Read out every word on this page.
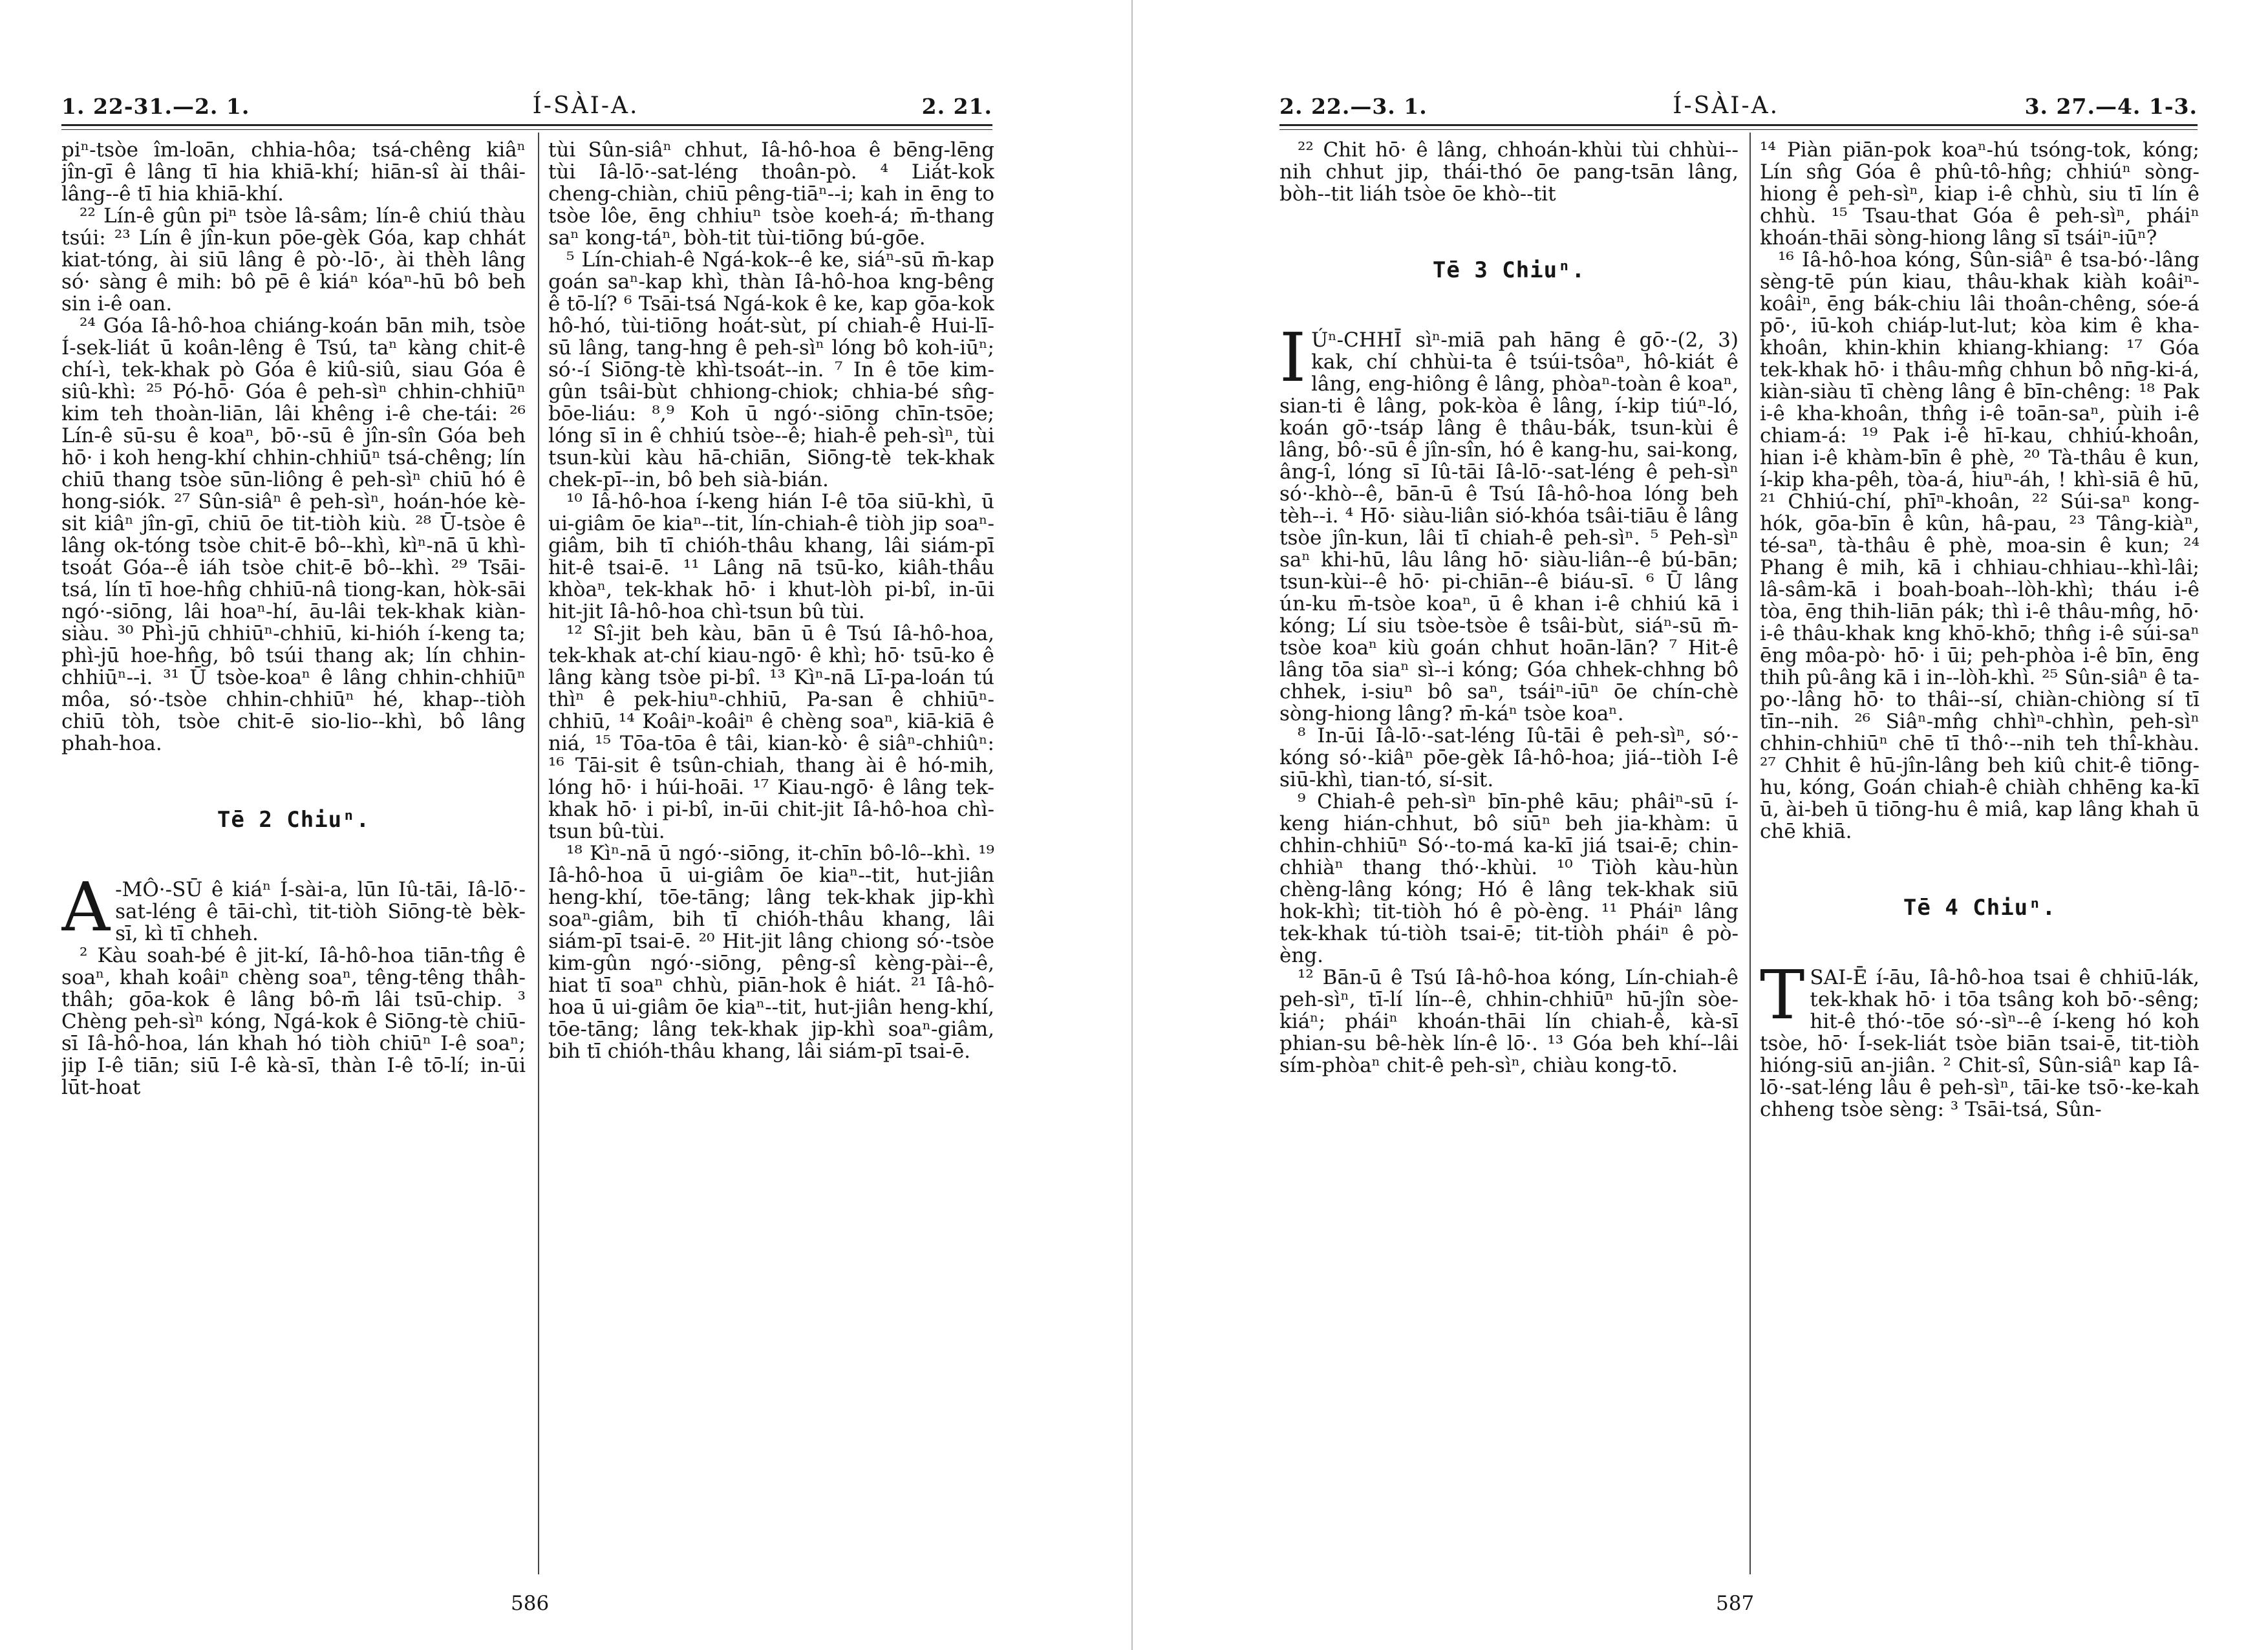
1. 22-31.—2. 1.	Í-SÀI-A.	2. 21.

piⁿ-tsòe îm-loān, chhia-hôa; tsá-chêng kiâⁿ jîn-gī ê lâng tī hia khiā-khí; hiān-sî ài thâi-lâng--ê tī hia khiā-khí.

²² Lín-ê gûn piⁿ tsòe lâ-sâm; lín-ê chiú thàu tsúi: ²³ Lín ê jîn-kun pōe-gèk Góa, kap chhát kiat-tóng, ài siū lâng ê pò·-lō·, ài thèh lâng só· sàng ê mih: bô pē ê kiáⁿ kóaⁿ-hū bô beh sin i-ê oan.

²⁴ Góa Iâ-hô-hoa chiáng-koán bān mih, tsòe Í-sek-liát ū koân-lêng ê Tsú, taⁿ kàng chit-ê chí-ì, tek-khak pò Góa ê kiû-siû, siau Góa ê siû-khì: ²⁵ Pó-hō· Góa ê peh-sìⁿ chhin-chhiūⁿ kim teh thoàn-liān, lâi khêng i-ê che-tái: ²⁶ Lín-ê sū-su ê koaⁿ, bō·-sū ê jîn-sîn Góa beh hō· i koh heng-khí chhin-chhiūⁿ tsá-chêng; lín chiū thang tsòe sūn-liông ê peh-sìⁿ chiū hó ê hong-siók. ²⁷ Sûn-siâⁿ ê peh-sìⁿ, hoán-hóe kè-sit kiâⁿ jîn-gī, chiū ōe tit-tiòh kiù. ²⁸ Ū-tsòe ê lâng ok-tóng tsòe chit-ē bô--khì, kìⁿ-nā ū khì-tsoát Góa--ê iáh tsòe chit-ē bô--khì. ²⁹ Tsāi-tsá, lín tī hoe-hn̂g chhiū-nâ tiong-kan, hòk-sāi ngó·-siōng, lâi hoaⁿ-hí, āu-lâi tek-khak kiàn-siàu. ³⁰ Phì-jū chhiūⁿ-chhiū, ki-hióh í-keng ta; phì-jū hoe-hn̂g, bô tsúi thang ak; lín chhin-chhiūⁿ--i. ³¹ Ū tsòe-koaⁿ ê lâng chhin-chhiūⁿ môa, só·-tsòe chhin-chhiūⁿ hé, khap--tiòh chiū tòh, tsòe chit-ē sio-lio--khì, bô lâng phah-hoa.

Tē 2 Chiuⁿ.

A -MÔ·-SŪ ê kiáⁿ Í-sài-a, lūn Iû-tāi, Iâ-lō·-sat-léng ê tāi-chì, tit-tiòh Siōng-tè bèk-sī, kì tī chheh.

² Kàu soah-bé ê jit-kí, Iâ-hô-hoa tiān-tn̂g ê soaⁿ, khah koâiⁿ chèng soaⁿ, têng-têng thâh-thâh; gōa-kok ê lâng bô-m̄ lâi tsū-chip. ³ Chèng peh-sìⁿ kóng, Ngá-kok ê Siōng-tè chiū-sī Iâ-hô-hoa, lán khah hó tiòh chiūⁿ I-ê soaⁿ; jip I-ê tiān; siū I-ê kà-sī, thàn I-ê tō-lí; in-ūi lūt-hoat

tùi Sûn-siâⁿ chhut, Iâ-hô-hoa ê bēng-lēng tùi Iâ-lō·-sat-léng thoân-pò. ⁴ Liát-kok cheng-chiàn, chiū pêng-tiāⁿ--i; kah in ēng to tsòe lôe, ēng chhiuⁿ tsòe koeh-á; m̄-thang saⁿ kong-táⁿ, bòh-tit tùi-tiōng bú-gōe.

⁵ Lín-chiah-ê Ngá-kok--ê ke, siáⁿ-sū m̄-kap goán saⁿ-kap khì, thàn Iâ-hô-hoa kng-bêng ê tō-lí? ⁶ Tsāi-tsá Ngá-kok ê ke, kap gōa-kok hô-hó, tùi-tiōng hoát-sùt, pí chiah-ê Hui-lī-sū lâng, tang-hng ê peh-sìⁿ lóng bô koh-iūⁿ; só·-í Siōng-tè khì-tsoát--in. ⁷ In ê tōe kim-gûn tsâi-bùt chhiong-chiok; chhia-bé sn̂g-bōe-liáu: ⁸,⁹ Koh ū ngó·-siōng chīn-tsōe; lóng sī in ê chhiú tsòe--ê; hiah-ê peh-sìⁿ, tùi tsun-kùi kàu hā-chiān, Siōng-tè tek-khak chek-pī--in, bô beh sià-bián.

¹⁰ Iâ-hô-hoa í-keng hián I-ê tōa siū-khì, ū ui-giâm ōe kiaⁿ--tit, lín-chiah-ê tiòh jip soaⁿ-giâm, bih tī chióh-thâu khang, lâi siám-pī hit-ê tsai-ē. ¹¹ Lâng nā tsū-ko, kiâh-thâu khòaⁿ, tek-khak hō· i khut-lòh pi-bî, in-ūi hit-jit Iâ-hô-hoa chì-tsun bû tùi.

¹² Sî-jit beh kàu, bān ū ê Tsú Iâ-hô-hoa, tek-khak at-chí kiau-ngō· ê khì; hō· tsū-ko ê lâng kàng tsòe pi-bî. ¹³ Kìⁿ-nā Lī-pa-loán tú thìⁿ ê pek-hiuⁿ-chhiū, Pa-san ê chhiūⁿ-chhiū, ¹⁴ Koâiⁿ-koâiⁿ ê chèng soaⁿ, kiā-kiā ê niá, ¹⁵ Tōa-tōa ê tâi, kian-kò· ê siâⁿ-chhiûⁿ: ¹⁶ Tāi-sit ê tsûn-chiah, thang ài ê hó-mih, lóng hō· i húi-hoāi. ¹⁷ Kiau-ngō· ê lâng tek-khak hō· i pi-bî, in-ūi chit-jit Iâ-hô-hoa chì-tsun bû-tùi.

¹⁸ Kìⁿ-nā ū ngó·-siōng, it-chīn bô-lô--khì. ¹⁹ Iâ-hô-hoa ū ui-giâm ōe kiaⁿ--tit, hut-jiân heng-khí, tōe-tāng; lâng tek-khak jip-khì soaⁿ-giâm, bih tī chióh-thâu khang, lâi siám-pī tsai-ē. ²⁰ Hit-jit lâng chiong só·-tsòe kim-gûn ngó·-siōng, pêng-sî kèng-pài--ê, hiat tī soaⁿ chhù, piān-hok ê hiát. ²¹ Iâ-hô-hoa ū ui-giâm ōe kiaⁿ--tit, hut-jiân heng-khí, tōe-tāng; lâng tek-khak jip-khì soaⁿ-giâm, bih tī chióh-thâu khang, lâi siám-pī tsai-ē.

586
2. 22.—3. 1.	Í-SÀI-A.	3. 27.—4. 1-3.

²² Chit hō· ê lâng, chhoán-khùi tùi chhùi--nih chhut jip, thái-thó ōe pang-tsān lâng, bòh--tit liáh tsòe ōe khò--tit

Tē 3 Chiuⁿ.

IÚⁿ-CHHĪ sìⁿ-miā pah hāng ê gō·-(2, 3) kak, chí chhùi-ta ê tsúi-tsôaⁿ, hô-kiát ê lâng, eng-hiông ê lâng, phòaⁿ-toàn ê koaⁿ, sian-ti ê lâng, pok-kòa ê lâng, í-kip tiúⁿ-ló, koán gō·-tsáp lâng ê thâu-bák, tsun-kùi ê lâng, bô·-sū ê jîn-sîn, hó ê kang-hu, sai-kong, âng-î, lóng sī Iû-tāi Iâ-lō·-sat-léng ê peh-sìⁿ só·-khò--ê, bān-ū ê Tsú Iâ-hô-hoa lóng beh tèh--i. ⁴ Hō· siàu-liân sió-khóa tsâi-tiāu ê lâng tsòe jîn-kun, lâi tī chiah-ê peh-sìⁿ. ⁵ Peh-sìⁿ saⁿ khi-hū, lâu lâng hō· siàu-liân--ê bú-bān; tsun-kùi--ê hō· pi-chiān--ê biáu-sī. ⁶ Ū lâng ún-ku m̄-tsòe koaⁿ, ū ê khan i-ê chhiú kā i kóng; Lí siu tsòe-tsòe ê tsâi-bùt, siáⁿ-sū m̄-tsòe koaⁿ kiù goán chhut hoān-lān? ⁷ Hit-ê lâng tōa siaⁿ sì--i kóng; Góa chhek-chhng bô chhek, i-siuⁿ bô saⁿ, tsáiⁿ-iūⁿ ōe chín-chè sòng-hiong lâng? m̄-káⁿ tsòe koaⁿ.

⁸ In-ūi Iâ-lō·-sat-léng Iû-tāi ê peh-sìⁿ, só·-kóng só·-kiâⁿ pōe-gèk Iâ-hô-hoa; jiá--tiòh I-ê siū-khì, tian-tó, sí-sit.

⁹ Chiah-ê peh-sìⁿ bīn-phê kāu; phâiⁿ-sū í-keng hián-chhut, bô siūⁿ beh jia-khàm: ū chhin-chhiūⁿ Só·-to-má ka-kī jiá tsai-ē; chin-chhiàⁿ thang thó·-khùi. ¹⁰ Tiòh kàu-hùn chèng-lâng kóng; Hó ê lâng tek-khak siū hok-khì; tit-tiòh hó ê pò-èng. ¹¹ Pháiⁿ lâng tek-khak tú-tiòh tsai-ē; tit-tiòh pháiⁿ ê pò-èng.

¹² Bān-ū ê Tsú Iâ-hô-hoa kóng, Lín-chiah-ê peh-sìⁿ, tī-lí lín--ê, chhin-chhiūⁿ hū-jîn sòe-kiáⁿ; pháiⁿ khoán-thāi lín chiah-ê, kà-sī phian-su bê-hèk lín-ê lō·. ¹³ Góa beh khí--lâi sím-phòaⁿ chit-ê peh-sìⁿ, chiàu kong-tō.

¹⁴ Piàn piān-pok koaⁿ-hú tsóng-tok, kóng; Lín sn̂g Góa ê phû-tô-hn̂g; chhiúⁿ sòng-hiong ê peh-sìⁿ, kiap i-ê chhù, siu tī lín ê chhù. ¹⁵ Tsau-that Góa ê peh-sìⁿ, pháiⁿ khoán-thāi sòng-hiong lâng sī tsáiⁿ-iūⁿ?

¹⁶ Iâ-hô-hoa kóng, Sûn-siâⁿ ê tsa-bó·-lâng sèng-tē pún kiau, thâu-khak kiàh koâiⁿ-koâiⁿ, ēng bák-chiu lâi thoân-chêng, sóe-á pō·, iū-koh chiáp-lut-lut; kòa kim ê kha-khoân, khin-khin khiang-khiang: ¹⁷ Góa tek-khak hō· i thâu-mn̂g chhun bô nn̄g-ki-á, kiàn-siàu tī chèng lâng ê bīn-chêng: ¹⁸ Pak i-ê kha-khoân, thn̂g i-ê toān-saⁿ, pùih i-ê chiam-á: ¹⁹ Pak i-ê hī-kau, chhiú-khoân, hian i-ê khàm-bīn ê phè, ²⁰ Tà-thâu ê kun, í-kip kha-pêh, tòa-á, hiuⁿ-áh, ! khì-siā ê hū, ²¹ Chhiú-chí, phīⁿ-khoân, ²² Súi-saⁿ kong-hók, gōa-bīn ê kûn, hâ-pau, ²³ Tâng-kiàⁿ, té-saⁿ, tà-thâu ê phè, moa-sin ê kun; ²⁴ Phang ê mih, kā i chhiau-chhiau--khì-lâi; lâ-sâm-kā i boah-boah--lòh-khì; tháu i-ê tòa, ēng thih-liān pák; thì i-ê thâu-mn̂g, hō· i-ê thâu-khak kng khō-khō; thn̂g i-ê súi-saⁿ ēng môa-pò· hō· i ūi; peh-phòa i-ê bīn, ēng thih pû-âng kā i in--lòh-khì. ²⁵ Sûn-siâⁿ ê ta-po·-lâng hō· to thâi--sí, chiàn-chiòng sí tī tīn--nih. ²⁶ Siâⁿ-mn̂g chhìⁿ-chhìn, peh-sìⁿ chhin-chhiūⁿ chē tī thô·--nih teh thî-khàu. ²⁷ Chhit ê hū-jîn-lâng beh kiû chit-ê tiōng-hu, kóng, Goán chiah-ê chiàh chhēng ka-kī ū, ài-beh ū tiōng-hu ê miâ, kap lâng khah ū chē khiā.

Tē 4 Chiuⁿ.

TSAI-Ē í-āu, Iâ-hô-hoa tsai ê chhiū-lák, tek-khak hō· i tōa tsâng koh bō·-sêng; hit-ê thó·-tōe só·-sìⁿ--ê í-keng hó koh tsòe, hō· Í-sek-liát tsòe biān tsai-ē, tit-tiòh hióng-siū an-jiân. ² Chit-sî, Sûn-siâⁿ kap Iâ-lō·-sat-léng lâu ê peh-sìⁿ, tāi-ke tsō·-ke-kah chheng tsòe sèng: ³ Tsāi-tsá, Sûn-

587
